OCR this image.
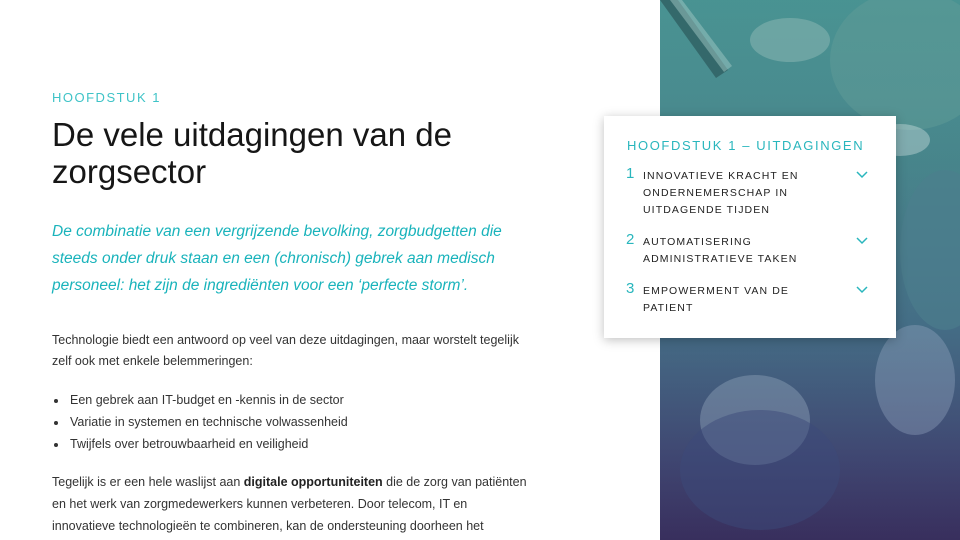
HOOFDSTUK 1
De vele uitdagingen van de zorgsector
De combinatie van een vergrijzende bevolking, zorgbudgetten die steeds onder druk staan en een (chronisch) gebrek aan medisch personeel: het zijn de ingrediënten voor een ‘perfecte storm’.
Technologie biedt een antwoord op veel van deze uitdagingen, maar worstelt tegelijk zelf ook met enkele belemmeringen:
• Een gebrek aan IT-budget en -kennis in de sector
• Variatie in systemen en technische volwassenheid
• Twijfels over betrouwbaarheid en veiligheid
Tegelijk is er een hele waslijst aan digitale opportuniteiten die de zorg van patiënten en het werk van zorgmedewerkers kunnen verbeteren. Door telecom, IT en innovatieve technologieën te combineren, kan de ondersteuning doorheen het
HOOFDSTUK 1 – UITDAGINGEN
1 INNOVATIEVE KRACHT EN ONDERNEMERSCHAP IN UITDAGENDE TIJDEN
2 AUTOMATISERING ADMINISTRATIEVE TAKEN
3 EMPOWERMENT VAN DE PATIENT
